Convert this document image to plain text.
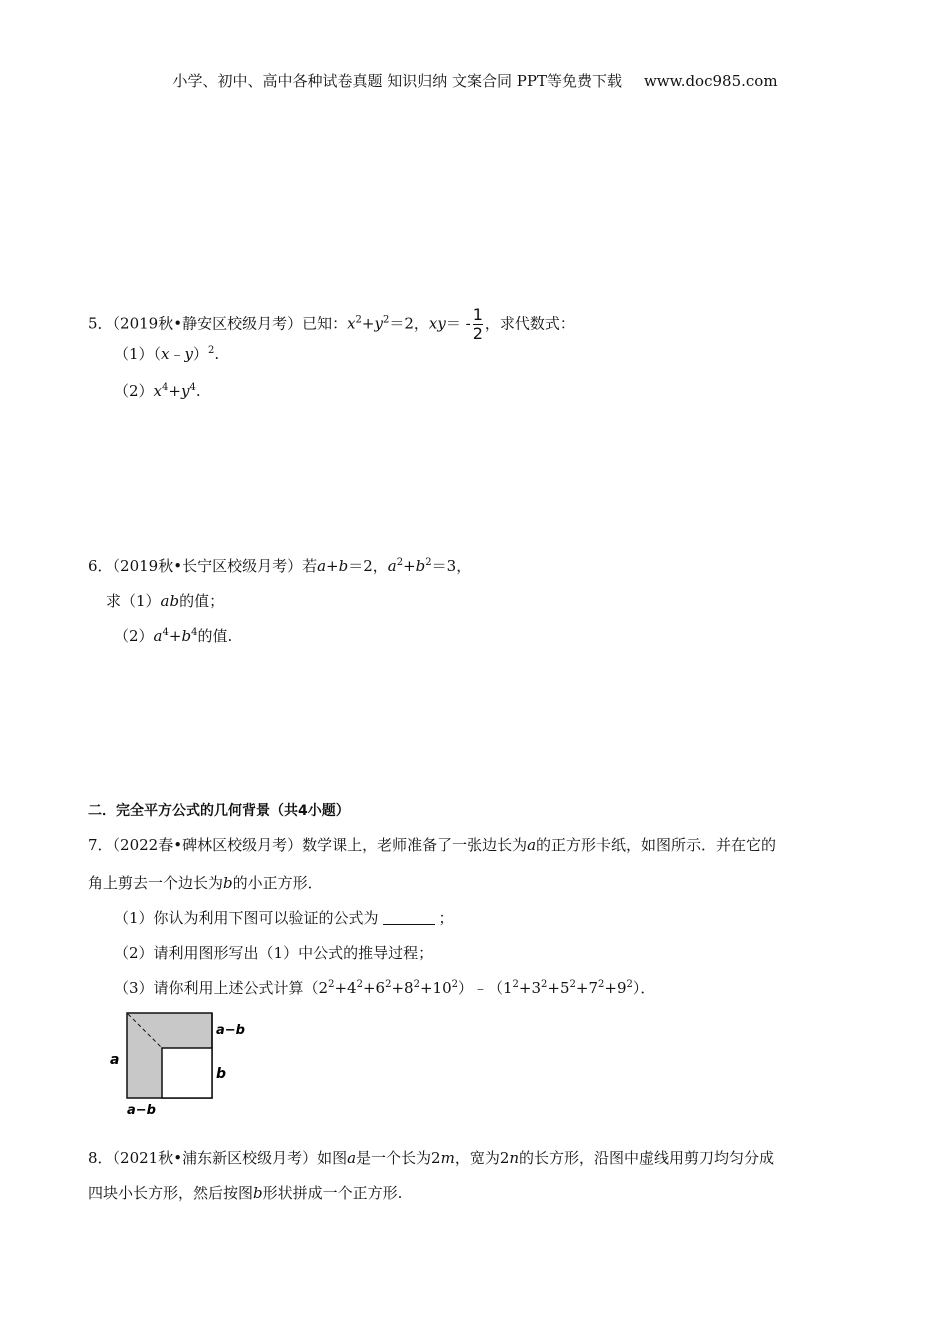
小学、初中、高中各种试卷真题 知识归纳 文案合同 PPT等免费下载 www.doc985.com
5．（2019秋•静安区校级月考）已知：$x^2+y^2=2$，$xy= - \frac{1}{2}$ ，求代数式：
（1）（x﹣y）$^2$.
$(2)x^4+y^4$.
6．（2019秋•长宁区校级月考）若a+b＝2，$a^2+b^2=3$，
求（1）ab的值；
$(2)a^4+b^4$的值.
二．完全平方公式的几何背景（共4小题）
7．（2022春•碑林区校级月考）数学课上，老师准备了一张边长为a的正方形卡纸，如图所示．并在它的
角上剪去一个边长为b的小正方形．
（1）你认为利用下图可以验证的公式为	；
（2）请利用图形写出（1）中公式的推导过程；
（3）请你利用上述公式计算$(2^2+4^2+6^2+8^2+10^2)﹣(1^2+3^2+5^2+7^2+9^2)$．
a
a−b
b
a−b
8．（2021秋•浦东新区校级月考）如图a是一个长为2m，宽为2n的长方形，沿图中虚线用剪刀均匀分成
四块小长方形，然后按图b形状拼成一个正方形.
